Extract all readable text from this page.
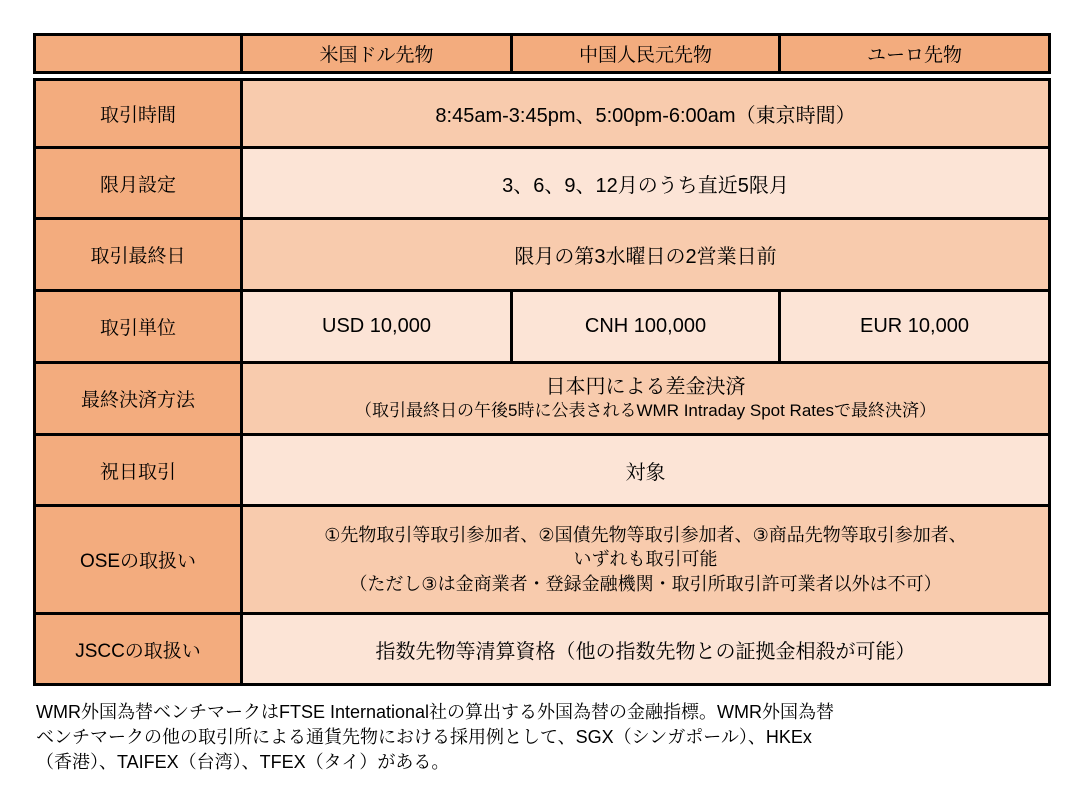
	米国ドル先物	中国人民元先物	ユーロ先物
取引時間	8:45am-3:45pm、5:00pm-6:00am（東京時間）		
限月設定	3、6、9、12月のうち直近5限月		
取引最終日	限月の第3水曜日の2営業日前		
取引単位	USD 10,000	CNH 100,000	EUR 10,000
最終決済方法	日本円による差金決済
（取引最終日の午後5時に公表されるWMR Intraday Spot Ratesで最終決済）		

祝日取引	対象		
OSEの取扱い	①先物取引等取引参加者、②国債先物等取引参加者、③商品先物等取引参加者、
いずれも取引可能
（ただし③は金商業者・登録金融機関・取引所取引許可業者以外は不可）		

JSCCの取扱い	指数先物等清算資格（他の指数先物との証拠金相殺が可能）		
WMR外国為替ベンチマークはFTSE International社の算出する外国為替の金融指標。WMR外国為替
ベンチマークの他の取引所による通貨先物における採用例として、SGX（シンガポール）、HKEx
（香港）、TAIFEX（台湾）、TFEX（タイ）がある。
